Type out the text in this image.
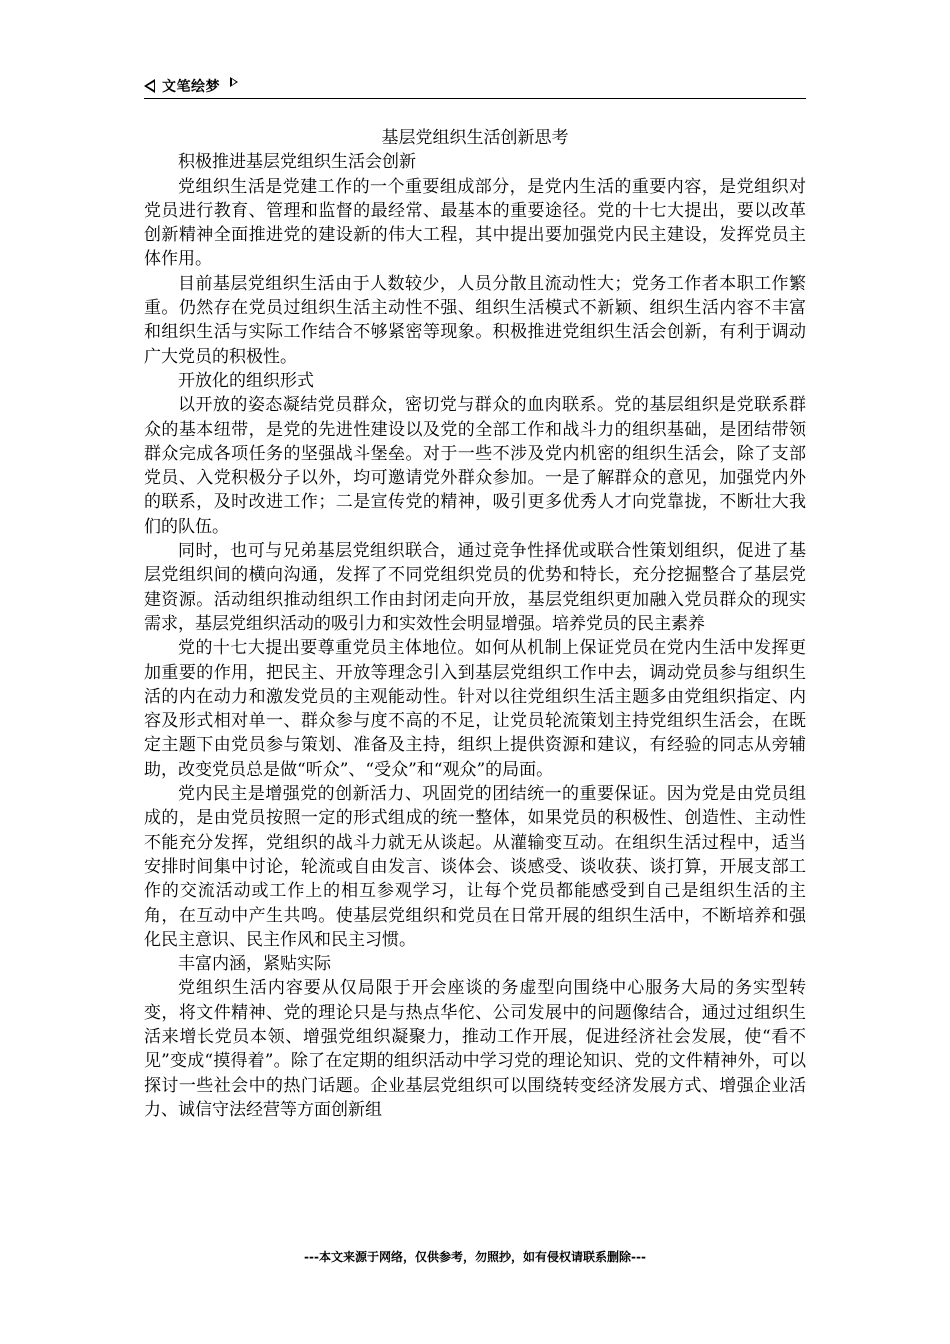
文笔绘梦

基层党组织生活创新思考

积极推进基层党组织生活会创新

党组织生活是党建工作的一个重要组成部分，是党内生活的重要内容，是党组织对党员进行教育、管理和监督的最经常、最基本的重要途径。党的十七大提出，要以改革创新精神全面推进党的建设新的伟大工程，其中提出要加强党内民主建设，发挥党员主体作用。

目前基层党组织生活由于人数较少，人员分散且流动性大；党务工作者本职工作繁重。仍然存在党员过组织生活主动性不强、组织生活模式不新颖、组织生活内容不丰富和组织生活与实际工作结合不够紧密等现象。积极推进党组织生活会创新，有利于调动广大党员的积极性。

开放化的组织形式

以开放的姿态凝结党员群众，密切党与群众的血肉联系。党的基层组织是党联系群众的基本纽带，是党的先进性建设以及党的全部工作和战斗力的组织基础，是团结带领群众完成各项任务的坚强战斗堡垒。对于一些不涉及党内机密的组织生活会，除了支部党员、入党积极分子以外，均可邀请党外群众参加。一是了解群众的意见，加强党内外的联系，及时改进工作；二是宣传党的精神，吸引更多优秀人才向党靠拢，不断壮大我们的队伍。

同时，也可与兄弟基层党组织联合，通过竞争性择优或联合性策划组织，促进了基层党组织间的横向沟通，发挥了不同党组织党员的优势和特长，充分挖掘整合了基层党建资源。活动组织推动组织工作由封闭走向开放，基层党组织更加融入党员群众的现实需求，基层党组织活动的吸引力和实效性会明显增强。培养党员的民主素养

党的十七大提出要尊重党员主体地位。如何从机制上保证党员在党内生活中发挥更加重要的作用，把民主、开放等理念引入到基层党组织工作中去，调动党员参与组织生活的内在动力和激发党员的主观能动性。针对以往党组织生活主题多由党组织指定、内容及形式相对单一、群众参与度不高的不足，让党员轮流策划主持党组织生活会，在既定主题下由党员参与策划、准备及主持，组织上提供资源和建议，有经验的同志从旁辅助，改变党员总是做“听众”、“受众”和“观众”的局面。

党内民主是增强党的创新活力、巩固党的团结统一的重要保证。因为党是由党员组成的，是由党员按照一定的形式组成的统一整体，如果党员的积极性、创造性、主动性不能充分发挥，党组织的战斗力就无从谈起。从灌输变互动。在组织生活过程中，适当安排时间集中讨论，轮流或自由发言、谈体会、谈感受、谈收获、谈打算，开展支部工作的交流活动或工作上的相互参观学习，让每个党员都能感受到自己是组织生活的主角，在互动中产生共鸣。使基层党组织和党员在日常开展的组织生活中，不断培养和强化民主意识、民主作风和民主习惯。

丰富内涵，紧贴实际

党组织生活内容要从仅局限于开会座谈的务虚型向围绕中心服务大局的务实型转变，将文件精神、党的理论只是与热点华佗、公司发展中的问题像结合，通过过组织生活来增长党员本领、增强党组织凝聚力，推动工作开展，促进经济社会发展，使“看不见”变成“摸得着”。除了在定期的组织活动中学习党的理论知识、党的文件精神外，可以探讨一些社会中的热门话题。企业基层党组织可以围绕转变经济发展方式、增强企业活力、诚信守法经营等方面创新组

---本文来源于网络，仅供参考，勿照抄，如有侵权请联系删除---
